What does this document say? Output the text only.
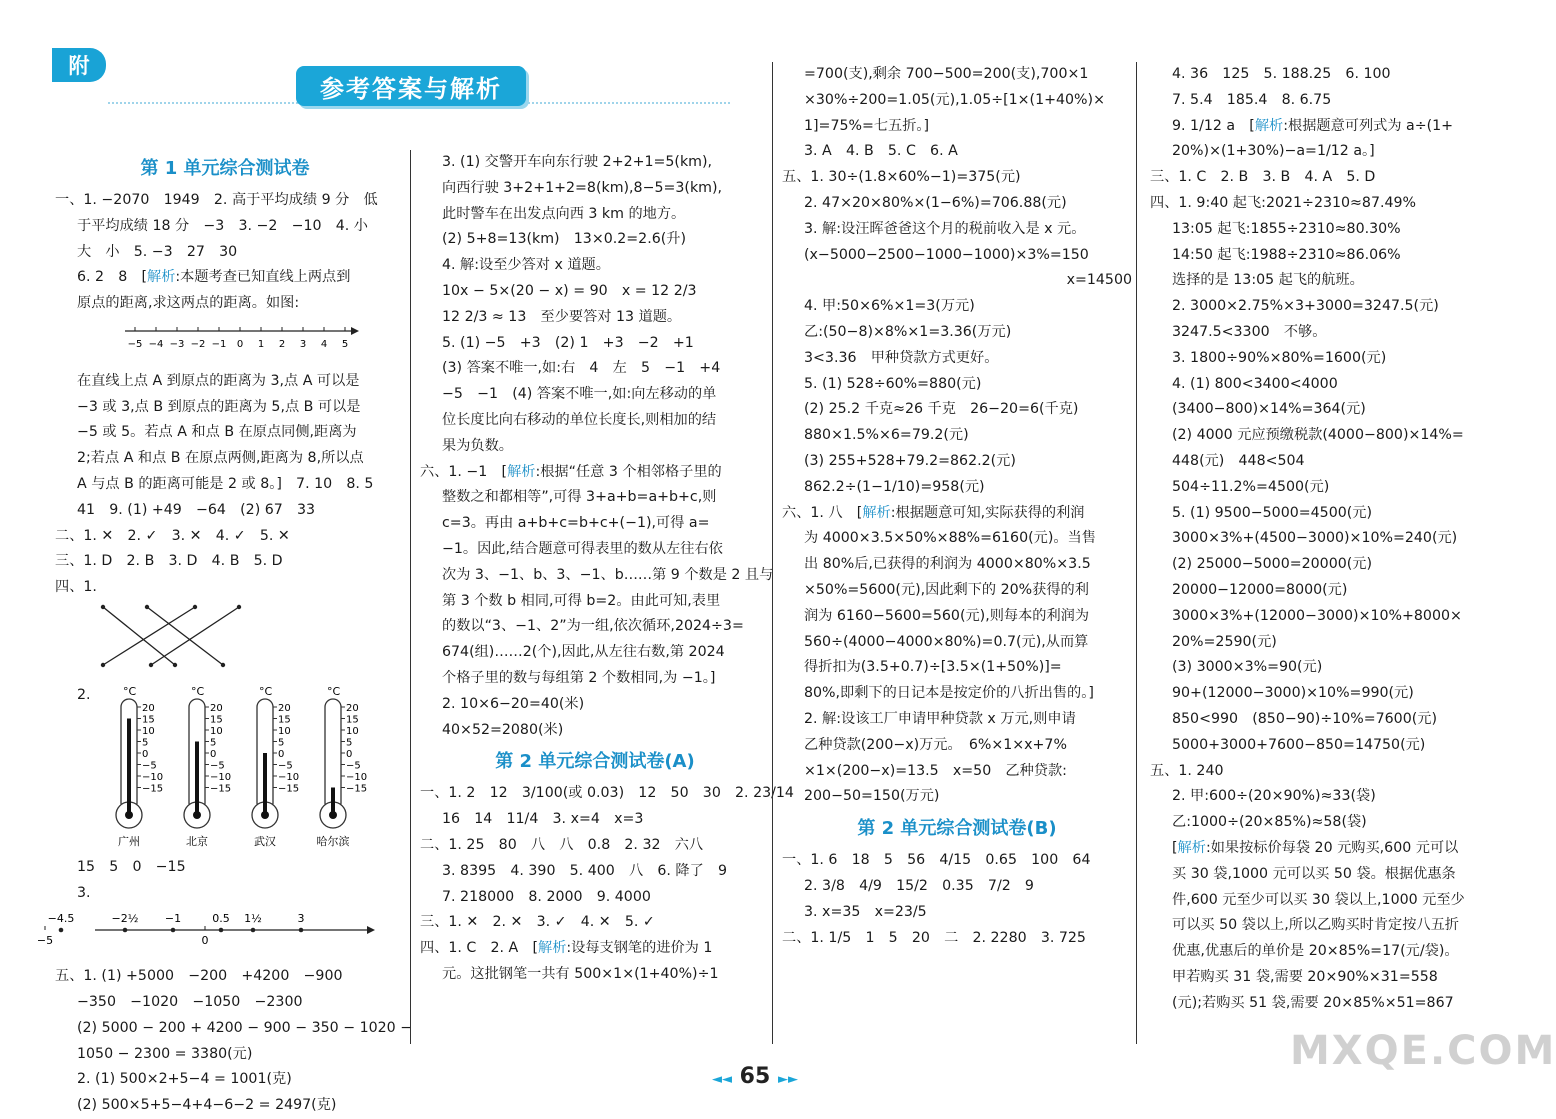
附
参考答案与解析
第 1 单元综合测试卷
一、1. −2070　1949　2. 高于平均成绩 9 分　低
于平均成绩 18 分　−3　3. −2　−10　4. 小
大　小　5. −3　27　30
6. 2　8　[解析:本题考查已知直线上两点到
原点的距离,求这两点的距离。如图:
−5 −4 −3 −2 −1 0 1 2 3 4 5
在直线上点 A 到原点的距离为 3,点 A 可以是
−3 或 3,点 B 到原点的距离为 5,点 B 可以是
−5 或 5。若点 A 和点 B 在原点同侧,距离为
2;若点 A 和点 B 在原点两侧,距离为 8,所以点
A 与点 B 的距离可能是 2 或 8。]　7. 10　8. 5
41　9. (1) +49　−64　(2) 67　33
二、1. ✕　2. ✓　3. ✕　4. ✓　5. ✕
三、1. D　2. B　3. D　4. B　5. D
四、1.
2.	°C
20
15
10
5
0
−5
−10
−15
广州
°C
20
15
10
5
0
−5
−10
−15
北京
°C
20
15
10
5
0
−5
−10
−15
武汉
°C
20
15
10
5
0
−5
−10
−15
哈尔滨
15　5　0　−15
3.
−4.5	−2½ −1	0.5 1½	3
−5	0
五、1. (1) +5000　−200　+4200　−900
−350　−1020　−1050　−2300
(2) 5000 − 200 + 4200 − 900 − 350 − 1020 −
1050 − 2300 = 3380(元)
2. (1) 500×2+5−4 = 1001(克)
(2) 500×5+5−4+4−6−2 = 2497(克)
3. (1) 交警开车向东行驶 2+2+1=5(km),
向西行驶 3+2+1+2=8(km),8−5=3(km),
此时警车在出发点向西 3 km 的地方。
(2) 5+8=13(km)　13×0.2=2.6(升)
4. 解:设至少答对 x 道题。
10x − 5×(20 − x) = 90　x = 12 2/3
12 2/3 ≈ 13　至少要答对 13 道题。
5. (1) −5　+3　(2) 1　+3　−2　+1
(3) 答案不唯一,如:右　4　左　5　−1　+4
−5　−1　(4) 答案不唯一,如:向左移动的单
位长度比向右移动的单位长度长,则相加的结
果为负数。
六、1. −1　[解析:根据“任意 3 个相邻格子里的
整数之和都相等”,可得 3+a+b=a+b+c,则
c=3。再由 a+b+c=b+c+(−1),可得 a=
−1。因此,结合题意可得表里的数从左往右依
次为 3、−1、b、3、−1、b……第 9 个数是 2 且与
第 3 个数 b 相同,可得 b=2。由此可知,表里
的数以“3、−1、2”为一组,依次循环,2024÷3=
674(组)……2(个),因此,从左往右数,第 2024
个格子里的数与每组第 2 个数相同,为 −1。]
2. 10×6−20=40(米)
40×52=2080(米)
第 2 单元综合测试卷(A)
一、1. 2　12　3/100(或 0.03)　12　50　30　2. 23/14
16　14　11/4　3. x=4　x=3
二、1. 25　80　八　八　0.8　2. 32　六八
3. 8395　4. 390　5. 400　八　6. 降了　9
7. 218000　8. 2000　9. 4000
三、1. ✕　2. ✕　3. ✓　4. ✕　5. ✓
四、1. C　2. A　[解析:设每支钢笔的进价为 1
元。这批钢笔一共有 500×1×(1+40%)÷1
=700(支),剩余 700−500=200(支),700×1
×30%÷200=1.05(元),1.05÷[1×(1+40%)×
1]=75%=七五折。]
3. A　4. B　5. C　6. A
五、1. 30÷(1.8×60%−1)=375(元)
2. 47×20×80%×(1−6%)=706.88(元)
3. 解:设汪晖爸爸这个月的税前收入是 x 元。
(x−5000−2500−1000−1000)×3%=150
x=14500
4. 甲:50×6%×1=3(万元)
乙:(50−8)×8%×1=3.36(万元)
3<3.36　甲种贷款方式更好。
5. (1) 528÷60%=880(元)
(2) 25.2 千克≈26 千克　26−20=6(千克)
880×1.5%×6=79.2(元)
(3) 255+528+79.2=862.2(元)
862.2÷(1−1/10)=958(元)
六、1. 八　[解析:根据题意可知,实际获得的利润
为 4000×3.5×50%×88%=6160(元)。当售
出 80%后,已获得的利润为 4000×80%×3.5
×50%=5600(元),因此剩下的 20%获得的利
润为 6160−5600=560(元),则每本的利润为
560÷(4000−4000×80%)=0.7(元),从而算
得折扣为(3.5+0.7)÷[3.5×(1+50%)]=
80%,即剩下的日记本是按定价的八折出售的。]
2. 解:设该工厂申请甲种贷款 x 万元,则申请
乙种贷款(200−x)万元。　6%×1×x+7%
×1×(200−x)=13.5　x=50　乙种贷款:
200−50=150(万元)
第 2 单元综合测试卷(B)
一、1. 6　18　5　56　4/15　0.65　100　64
2. 3/8　4/9　15/2　0.35　7/2　9
3. x=35　x=23/5
二、1. 1/5　1　5　20　二　2. 2280　3. 725
4. 36　125　5. 188.25　6. 100
7. 5.4　185.4　8. 6.75
9. 1/12 a　[解析:根据题意可列式为 a÷(1+
20%)×(1+30%)−a=1/12 a。]
三、1. C　2. B　3. B　4. A　5. D
四、1. 9:40 起飞:2021÷2310≈87.49%
13:05 起飞:1855÷2310≈80.30%
14:50 起飞:1988÷2310≈86.06%
选择的是 13:05 起飞的航班。
2. 3000×2.75%×3+3000=3247.5(元)
3247.5<3300　不够。
3. 1800÷90%×80%=1600(元)
4. (1) 800<3400<4000
(3400−800)×14%=364(元)
(2) 4000 元应预缴税款(4000−800)×14%=
448(元)　448<504
504÷11.2%=4500(元)
5. (1) 9500−5000=4500(元)
3000×3%+(4500−3000)×10%=240(元)
(2) 25000−5000=20000(元)
20000−12000=8000(元)
3000×3%+(12000−3000)×10%+8000×
20%=2590(元)
(3) 3000×3%=90(元)
90+(12000−3000)×10%=990(元)
850<990　(850−90)÷10%=7600(元)
5000+3000+7600−850=14750(元)
五、1. 240
2. 甲:600÷(20×90%)≈33(袋)
乙:1000÷(20×85%)≈58(袋)
[解析:如果按标价每袋 20 元购买,600 元可以
买 30 袋,1000 元可以买 50 袋。根据优惠条
件,600 元至少可以买 30 袋以上,1000 元至少
可以买 50 袋以上,所以乙购买时肯定按八五折
优惠,优惠后的单价是 20×85%=17(元/袋)。
甲若购买 31 袋,需要 20×90%×31=558
(元);若购买 51 袋,需要 20×85%×51=867
◄◄ 65 ►►
MXQE.COM
